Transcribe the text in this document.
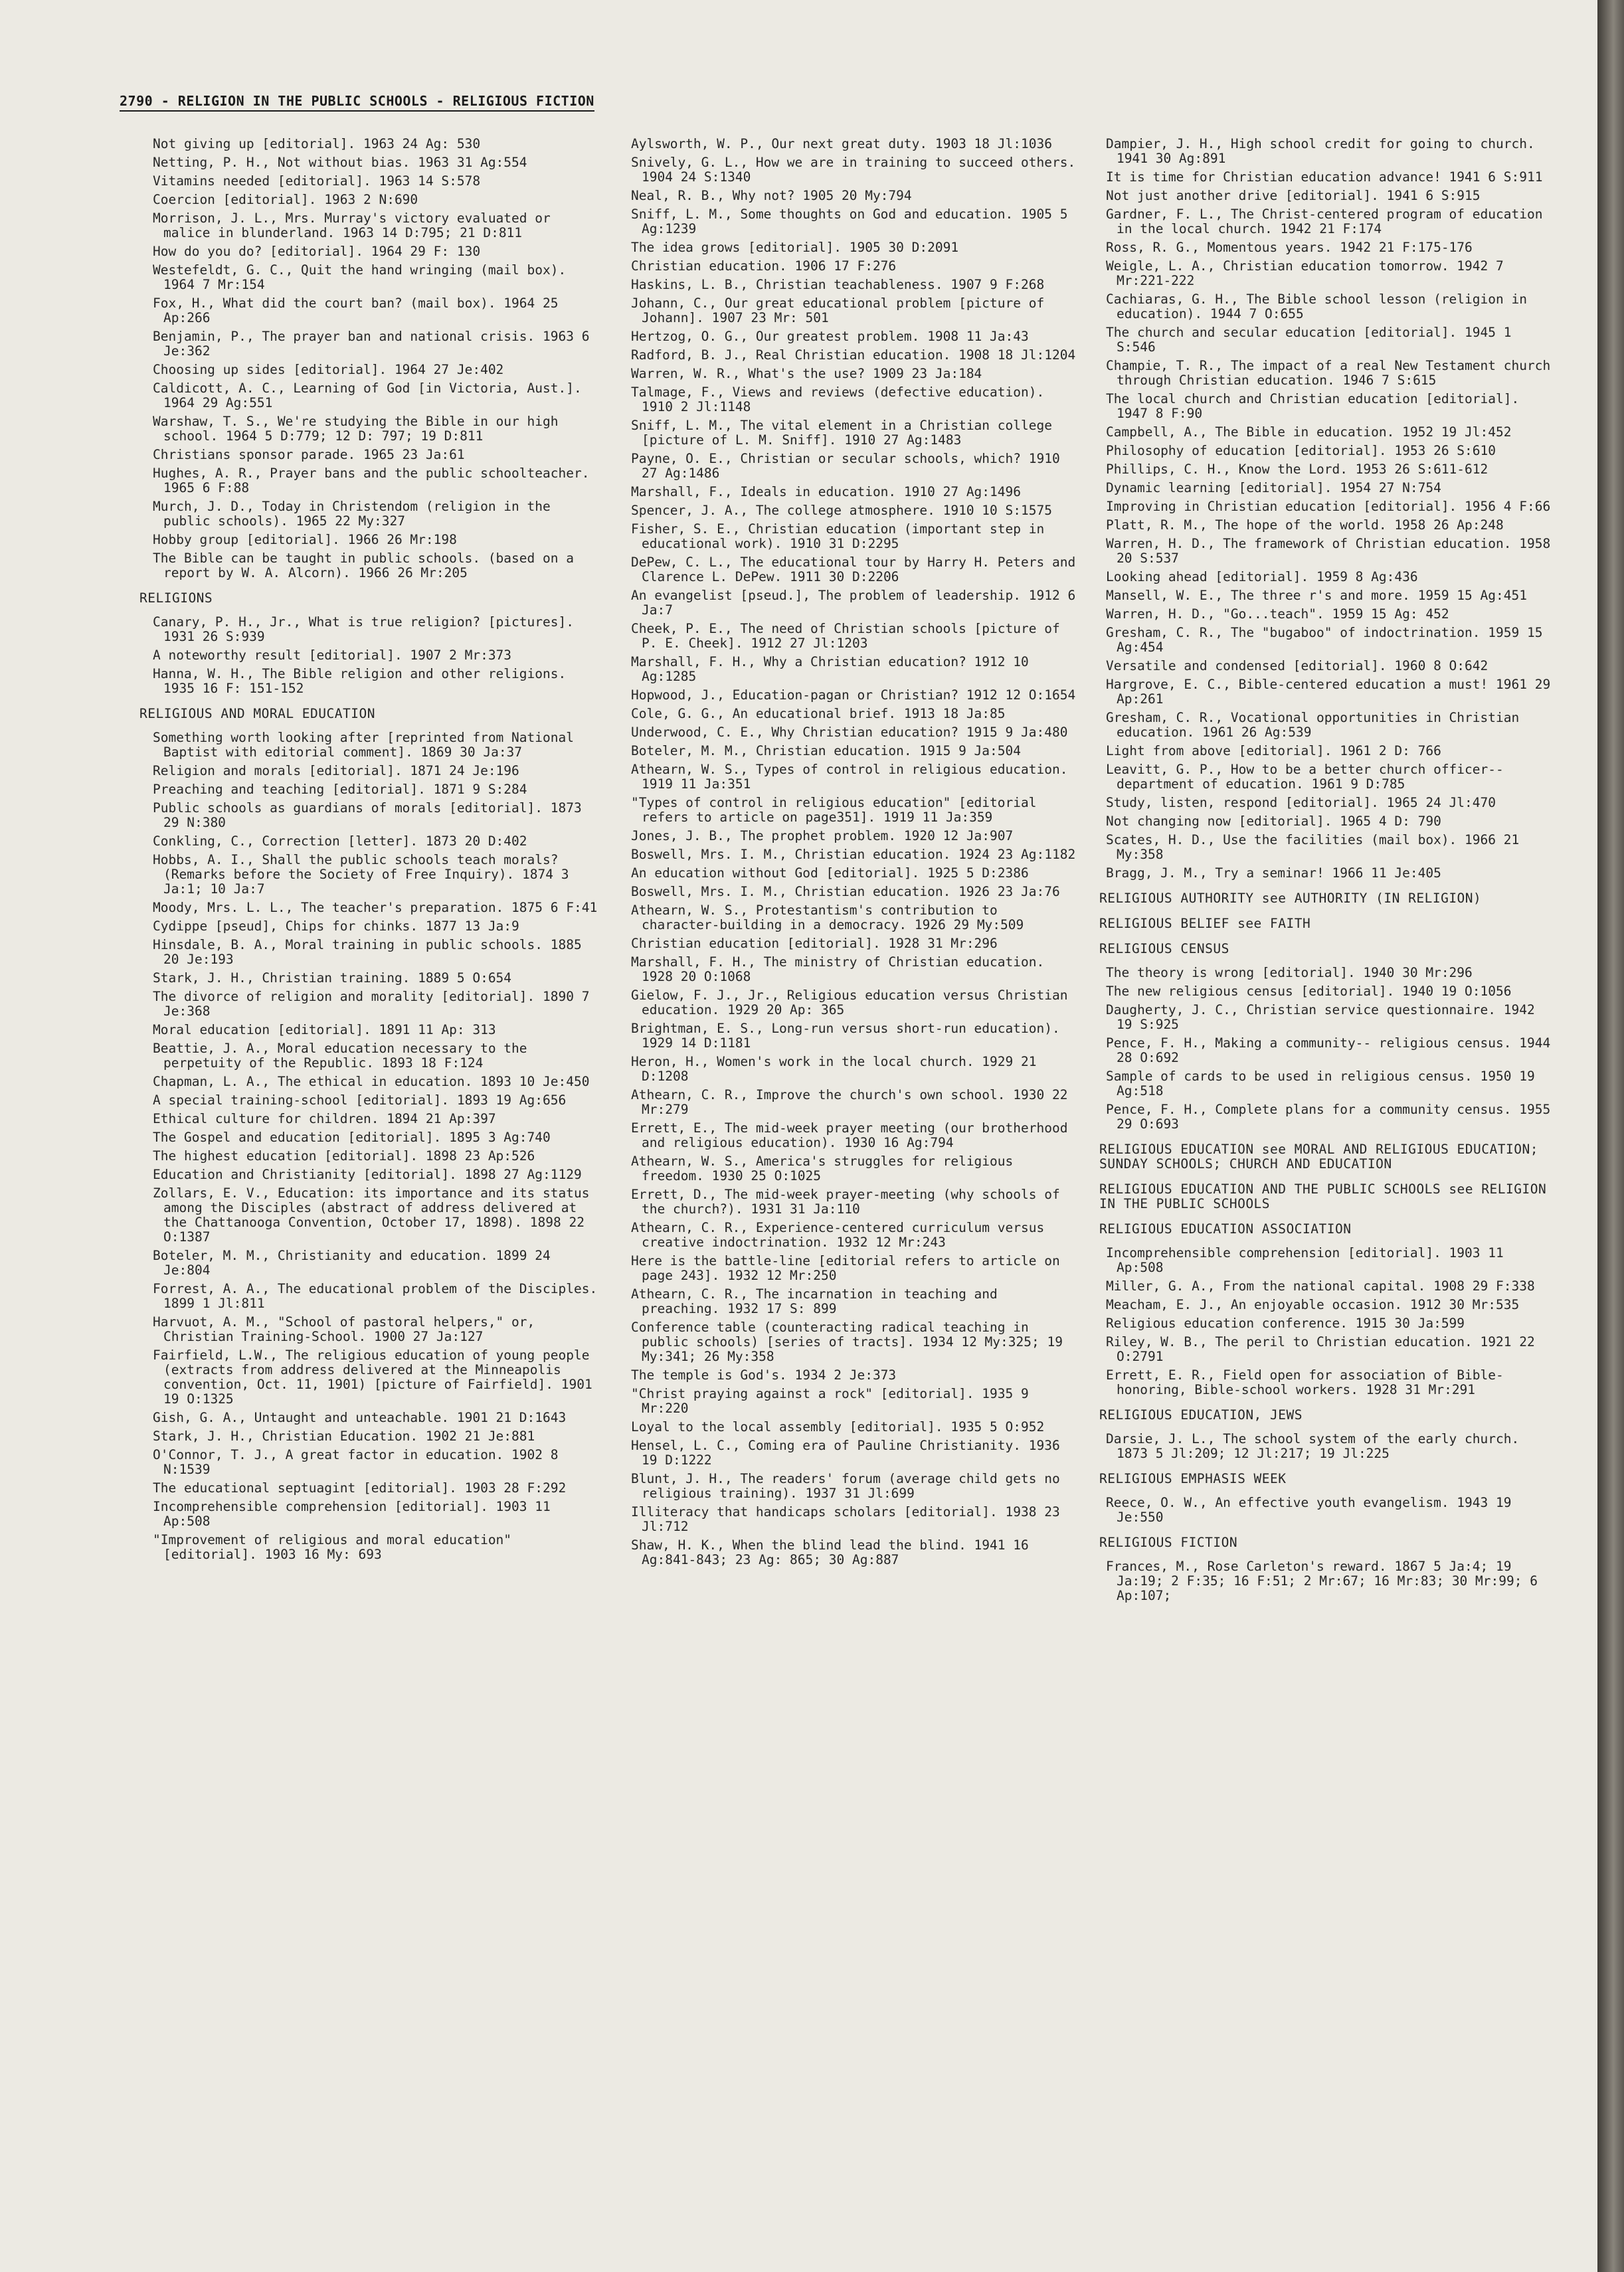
2790 - RELIGION IN THE PUBLIC SCHOOLS - RELIGIOUS FICTION
Not giving up [editorial]. 1963 24 Ag: 530
Netting, P. H., Not without bias. 1963 31 Ag:554
Vitamins needed [editorial]. 1963 14 S:578
Coercion [editorial]. 1963 2 N:690
Morrison, J. L., Mrs. Murray's victory evaluated or malice in blunderland. 1963 14 D:795; 21 D:811
How do you do? [editorial]. 1964 29 F: 130
Westefeldt, G. C., Quit the hand wringing (mail box). 1964 7 Mr:154
Fox, H., What did the court ban? (mail box). 1964 25 Ap:266
Benjamin, P., The prayer ban and national crisis. 1963 6 Je:362
Choosing up sides [editorial]. 1964 27 Je:402
Caldicott, A. C., Learning of God [in Victoria, Aust.]. 1964 29 Ag:551
Warshaw, T. S., We're studying the Bible in our high school. 1964 5 D:779; 12 D: 797; 19 D:811
Christians sponsor parade. 1965 23 Ja:61
Hughes, A. R., Prayer bans and the public schoolteacher. 1965 6 F:88
Murch, J. D., Today in Christendom (religion in the public schools). 1965 22 My:327
Hobby group [editorial]. 1966 26 Mr:198
The Bible can be taught in public schools. (based on a report by W. A. Alcorn). 1966 26 Mr:205
RELIGIONS
Canary, P. H., Jr., What is true religion? [pictures]. 1931 26 S:939
A noteworthy result [editorial]. 1907 2 Mr:373
Hanna, W. H., The Bible religion and other religions. 1935 16 F: 151-152
RELIGIOUS AND MORAL EDUCATION
Something worth looking after [reprinted from National Baptist with editorial comment]. 1869 30 Ja:37
Religion and morals [editorial]. 1871 24 Je:196
Preaching and teaching [editorial]. 1871 9 S:284
Public schools as guardians of morals [editorial]. 1873 29 N:380
Conkling, C., Correction [letter]. 1873 20 D:402
Hobbs, A. I., Shall the public schools teach morals? (Remarks before the Society of Free Inquiry). 1874 3 Ja:1; 10 Ja:7
Moody, Mrs. L. L., The teacher's preparation. 1875 6 F:41
Cydippe [pseud], Chips for chinks. 1877 13 Ja:9
Hinsdale, B. A., Moral training in public schools. 1885 20 Je:193
Stark, J. H., Christian training. 1889 5 O:654
The divorce of religion and morality [editorial]. 1890 7 Je:368
Moral education [editorial]. 1891 11 Ap: 313
Beattie, J. A., Moral education necessary to the perpetuity of the Republic. 1893 18 F:124
Chapman, L. A., The ethical in education. 1893 10 Je:450
A special training-school [editorial]. 1893 19 Ag:656
Ethical culture for children. 1894 21 Ap:397
The Gospel and education [editorial]. 1895 3 Ag:740
The highest education [editorial]. 1898 23 Ap:526
Education and Christianity [editorial]. 1898 27 Ag:1129
Zollars, E. V., Education: its importance and its status among the Disciples (abstract of address delivered at the Chattanooga Convention, October 17, 1898). 1898 22 O:1387
Boteler, M. M., Christianity and education. 1899 24 Je:804
Forrest, A. A., The educational problem of the Disciples. 1899 1 Jl:811
Harvuot, A. M., "School of pastoral helpers," or, Christian Training-School. 1900 27 Ja:127
Fairfield, L.W., The religious education of young people (extracts from address delivered at the Minneapolis convention, Oct. 11, 1901) [picture of Fairfield]. 1901 19 O:1325
Gish, G. A., Untaught and unteachable. 1901 21 D:1643
Stark, J. H., Christian Education. 1902 21 Je:881
O'Connor, T. J., A great factor in education. 1902 8 N:1539
The educational septuagint [editorial]. 1903 28 F:292
Incomprehensible comprehension [editorial]. 1903 11 Ap:508
"Improvement of religious and moral education" [editorial]. 1903 16 My: 693
Aylsworth, W. P., Our next great duty. 1903 18 Jl:1036
Snively, G. L., How we are in training to succeed others. 1904 24 S:1340
Neal, R. B., Why not? 1905 20 My:794
Sniff, L. M., Some thoughts on God and education. 1905 5 Ag:1239
The idea grows [editorial]. 1905 30 D:2091
Christian education. 1906 17 F:276
Haskins, L. B., Christian teachableness. 1907 9 F:268
Johann, C., Our great educational problem [picture of Johann]. 1907 23 Mr: 501
Hertzog, O. G., Our greatest problem. 1908 11 Ja:43
Radford, B. J., Real Christian education. 1908 18 Jl:1204
Warren, W. R., What's the use? 1909 23 Ja:184
Talmage, F., Views and reviews (defective education). 1910 2 Jl:1148
Sniff, L. M., The vital element in a Christian college [picture of L. M. Sniff]. 1910 27 Ag:1483
Payne, O. E., Christian or secular schools, which? 1910 27 Ag:1486
Marshall, F., Ideals in education. 1910 27 Ag:1496
Spencer, J. A., The college atmosphere. 1910 10 S:1575
Fisher, S. E., Christian education (important step in educational work). 1910 31 D:2295
DePew, C. L., The educational tour by Harry H. Peters and Clarence L. DePew. 1911 30 D:2206
An evangelist [pseud.], The problem of leadership. 1912 6 Ja:7
Cheek, P. E., The need of Christian schools [picture of P. E. Cheek]. 1912 27 Jl:1203
Marshall, F. H., Why a Christian education? 1912 10 Ag:1285
Hopwood, J., Education-pagan or Christian? 1912 12 O:1654
Cole, G. G., An educational brief. 1913 18 Ja:85
Underwood, C. E., Why Christian education? 1915 9 Ja:480
Boteler, M. M., Christian education. 1915 9 Ja:504
Athearn, W. S., Types of control in religious education. 1919 11 Ja:351
"Types of control in religious education" [editorial refers to article on page351]. 1919 11 Ja:359
Jones, J. B., The prophet problem. 1920 12 Ja:907
Boswell, Mrs. I. M., Christian education. 1924 23 Ag:1182
An education without God [editorial]. 1925 5 D:2386
Boswell, Mrs. I. M., Christian education. 1926 23 Ja:76
Athearn, W. S., Protestantism's contribution to character-building in a democracy. 1926 29 My:509
Christian education [editorial]. 1928 31 Mr:296
Marshall, F. H., The ministry of Christian education. 1928 20 O:1068
Gielow, F. J., Jr., Religious education versus Christian education. 1929 20 Ap: 365
Brightman, E. S., Long-run versus short-run education). 1929 14 D:1181
Heron, H., Women's work in the local church. 1929 21 D:1208
Athearn, C. R., Improve the church's own school. 1930 22 Mr:279
Errett, E., The mid-week prayer meeting (our brotherhood and religious education). 1930 16 Ag:794
Athearn, W. S., America's struggles for religious freedom. 1930 25 O:1025
Errett, D., The mid-week prayer-meeting (why schools of the church?). 1931 31 Ja:110
Athearn, C. R., Experience-centered curriculum versus creative indoctrination. 1932 12 Mr:243
Here is the battle-line [editorial refers to article on page 243]. 1932 12 Mr:250
Athearn, C. R., The incarnation in teaching and preaching. 1932 17 S: 899
Conference table (counteracting radical teaching in public schools) [series of tracts]. 1934 12 My:325; 19 My:341; 26 My:358
The temple is God's. 1934 2 Je:373
"Christ praying against a rock" [editorial]. 1935 9 Mr:220
Loyal to the local assembly [editorial]. 1935 5 O:952
Hensel, L. C., Coming era of Pauline Christianity. 1936 19 D:1222
Blunt, J. H., The readers' forum (average child gets no religious training). 1937 31 Jl:699
Illiteracy that handicaps scholars [editorial]. 1938 23 Jl:712
Shaw, H. K., When the blind lead the blind. 1941 16 Ag:841-843; 23 Ag: 865; 30 Ag:887
Dampier, J. H., High school credit for going to church. 1941 30 Ag:891
It is time for Christian education advance! 1941 6 S:911
Not just another drive [editorial]. 1941 6 S:915
Gardner, F. L., The Christ-centered program of education in the local church. 1942 21 F:174
Ross, R. G., Momentous years. 1942 21 F:175-176
Weigle, L. A., Christian education tomorrow. 1942 7 Mr:221-222
Cachiaras, G. H., The Bible school lesson (religion in education). 1944 7 O:655
The church and secular education [editorial]. 1945 1 S:546
Champie, T. R., The impact of a real New Testament church through Christian education. 1946 7 S:615
The local church and Christian education [editorial]. 1947 8 F:90
Campbell, A., The Bible in education. 1952 19 Jl:452
Philosophy of education [editorial]. 1953 26 S:610
Phillips, C. H., Know the Lord. 1953 26 S:611-612
Dynamic learning [editorial]. 1954 27 N:754
Improving in Christian education [editorial]. 1956 4 F:66
Platt, R. M., The hope of the world. 1958 26 Ap:248
Warren, H. D., The framework of Christian education. 1958 20 S:537
Looking ahead [editorial]. 1959 8 Ag:436
Mansell, W. E., The three r's and more. 1959 15 Ag:451
Warren, H. D., "Go...teach". 1959 15 Ag: 452
Gresham, C. R., The "bugaboo" of indoctrination. 1959 15 Ag:454
Versatile and condensed [editorial]. 1960 8 O:642
Hargrove, E. C., Bible-centered education a must! 1961 29 Ap:261
Gresham, C. R., Vocational opportunities in Christian education. 1961 26 Ag:539
Light from above [editorial]. 1961 2 D: 766
Leavitt, G. P., How to be a better church officer--department of education. 1961 9 D:785
Study, listen, respond [editorial]. 1965 24 Jl:470
Not changing now [editorial]. 1965 4 D: 790
Scates, H. D., Use the facilities (mail box). 1966 21 My:358
Bragg, J. M., Try a seminar! 1966 11 Je:405
RELIGIOUS AUTHORITY see AUTHORITY (IN RELIGION)
RELIGIOUS BELIEF see FAITH
RELIGIOUS CENSUS
The theory is wrong [editorial]. 1940 30 Mr:296
The new religious census [editorial]. 1940 19 O:1056
Daugherty, J. C., Christian service questionnaire. 1942 19 S:925
Pence, F. H., Making a community-- religious census. 1944 28 O:692
Sample of cards to be used in religious census. 1950 19 Ag:518
Pence, F. H., Complete plans for a community census. 1955 29 O:693
RELIGIOUS EDUCATION see MORAL AND RELIGIOUS EDUCATION; SUNDAY SCHOOLS; CHURCH AND EDUCATION
RELIGIOUS EDUCATION AND THE PUBLIC SCHOOLS see RELIGION IN THE PUBLIC SCHOOLS
RELIGIOUS EDUCATION ASSOCIATION
Incomprehensible comprehension [editorial]. 1903 11 Ap:508
Miller, G. A., From the national capital. 1908 29 F:338
Meacham, E. J., An enjoyable occasion. 1912 30 Mr:535
Religious education conference. 1915 30 Ja:599
Riley, W. B., The peril to Christian education. 1921 22 O:2791
Errett, E. R., Field open for association of Bible-honoring, Bible-school workers. 1928 31 Mr:291
RELIGIOUS EDUCATION, JEWS
Darsie, J. L., The school system of the early church. 1873 5 Jl:209; 12 Jl:217; 19 Jl:225
RELIGIOUS EMPHASIS WEEK
Reece, O. W., An effective youth evangelism. 1943 19 Je:550
RELIGIOUS FICTION
Frances, M., Rose Carleton's reward. 1867 5 Ja:4; 19 Ja:19; 2 F:35; 16 F:51; 2 Mr:67; 16 Mr:83; 30 Mr:99; 6 Ap:107;
